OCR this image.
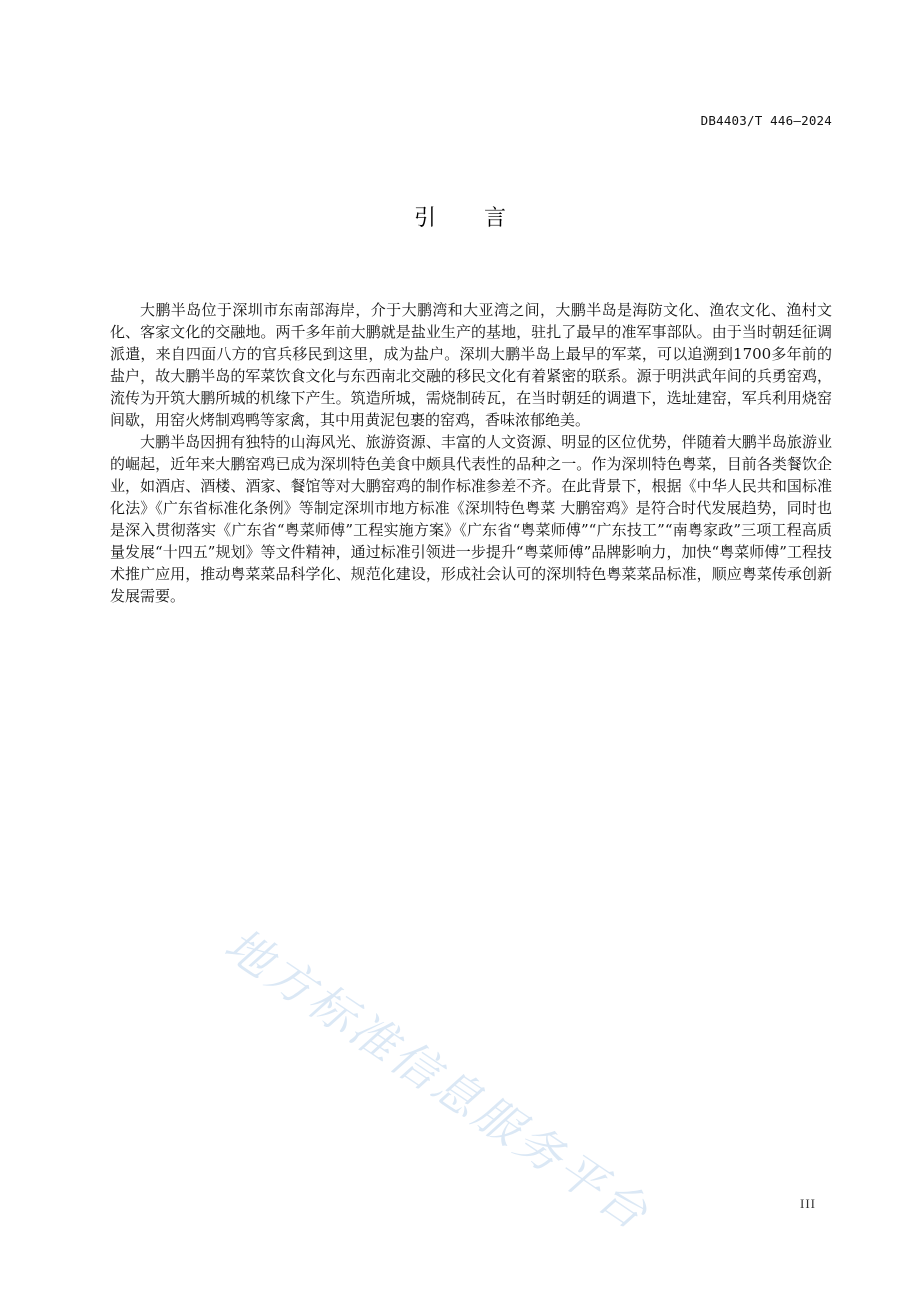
DB4403/T 446—2024
引言

大鹏半岛位于深圳市东南部海岸，介于大鹏湾和大亚湾之间，大鹏半岛是海防文化、渔农文化、渔村文化、客家文化的交融地。两千多年前大鹏就是盐业生产的基地，驻扎了最早的准军事部队。由于当时朝廷征调派遣，来自四面八方的官兵移民到这里，成为盐户。深圳大鹏半岛上最早的军菜，可以追溯到1700多年前的盐户，故大鹏半岛的军菜饮食文化与东西南北交融的移民文化有着紧密的联系。源于明洪武年间的兵勇窑鸡，流传为开筑大鹏所城的机缘下产生。筑造所城，需烧制砖瓦，在当时朝廷的调遣下，选址建窑，军兵利用烧窑间歇，用窑火烤制鸡鸭等家禽，其中用黄泥包裹的窑鸡，香味浓郁绝美。

大鹏半岛因拥有独特的山海风光、旅游资源、丰富的人文资源、明显的区位优势，伴随着大鹏半岛旅游业的崛起，近年来大鹏窑鸡已成为深圳特色美食中颇具代表性的品种之一。作为深圳特色粤菜，目前各类餐饮企业，如酒店、酒楼、酒家、餐馆等对大鹏窑鸡的制作标准参差不齐。在此背景下，根据《中华人民共和国标准化法》《广东省标准化条例》等制定深圳市地方标准《深圳特色粤菜 大鹏窑鸡》是符合时代发展趋势，同时也是深入贯彻落实《广东省“粤菜师傅”工程实施方案》《广东省“粤菜师傅”“广东技工”“南粤家政”三项工程高质量发展“十四五”规划》等文件精神，通过标准引领进一步提升“粤菜师傅”品牌影响力，加快“粤菜师傅”工程技术推广应用，推动粤菜菜品科学化、规范化建设，形成社会认可的深圳特色粤菜菜品标准，顺应粤菜传承创新发展需要。

地方标准信息服务平台	III
